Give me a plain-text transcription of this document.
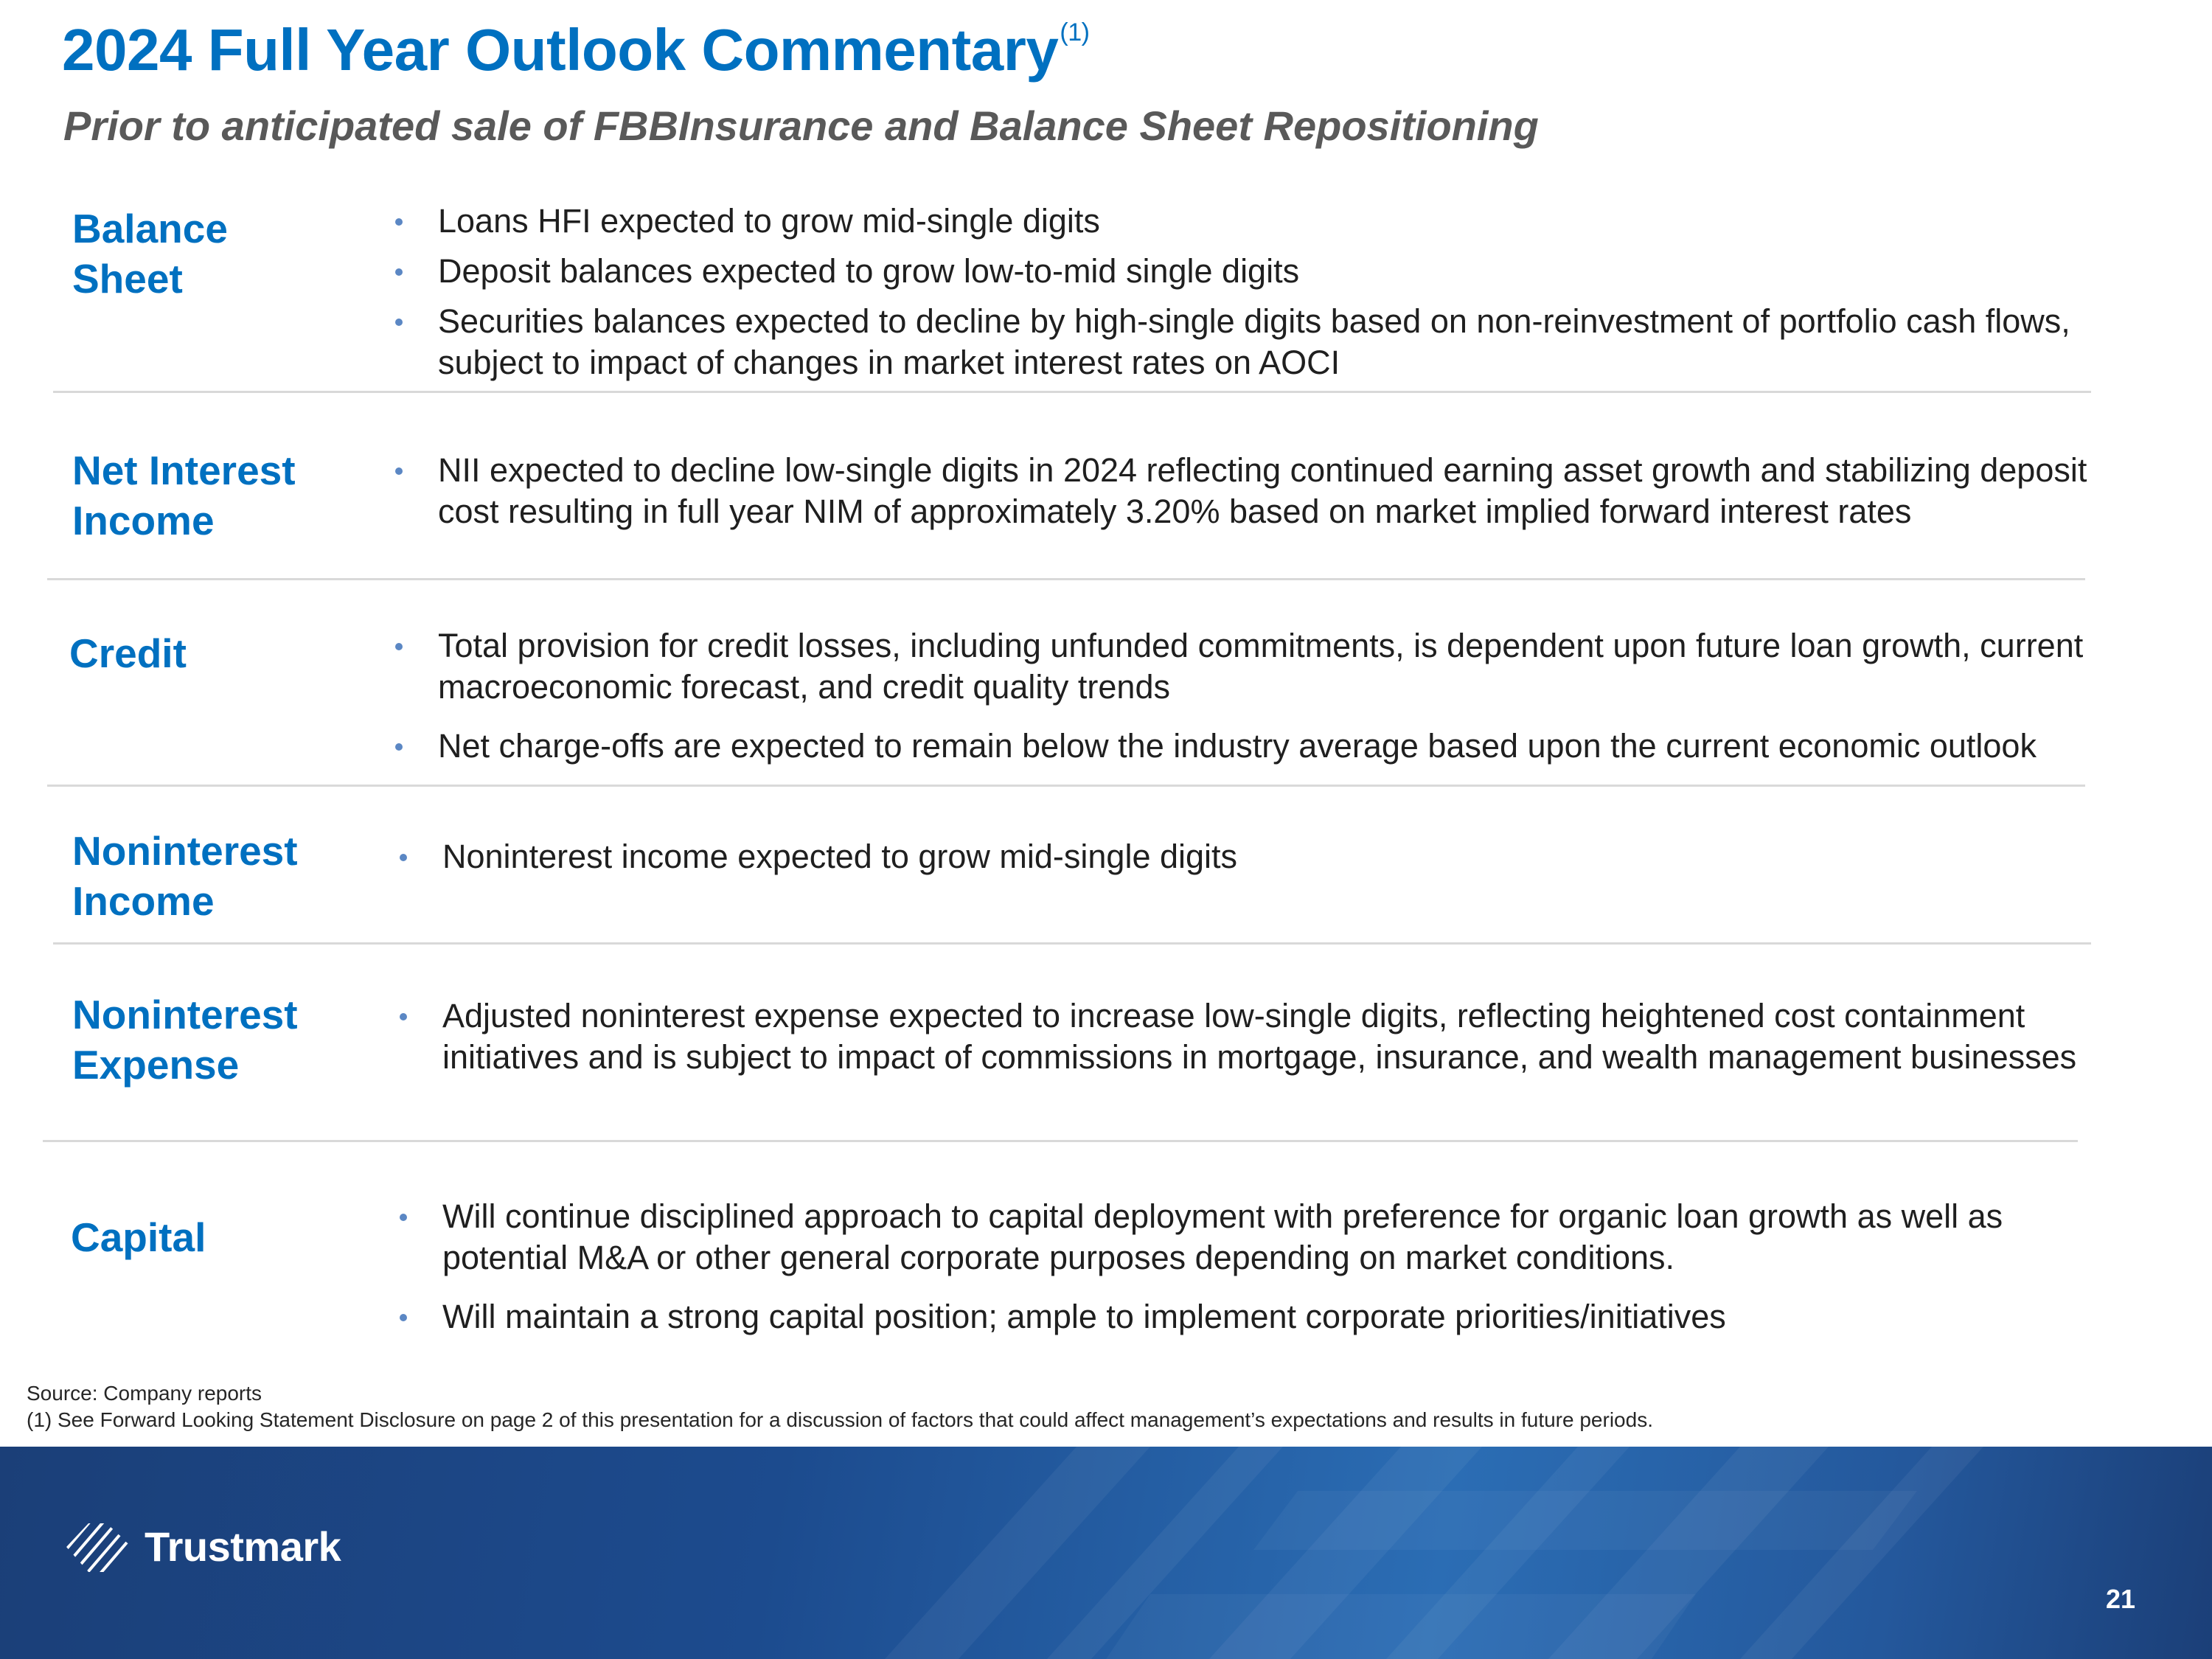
2024 Full Year Outlook Commentary$^{(1)}$
Prior to anticipated sale of FBBInsurance and Balance Sheet Repositioning
Balance
Sheet
Loans HFI expected to grow mid-single digits
Deposit balances expected to grow low-to-mid single digits
Securities balances expected to decline by high-single digits based on non-reinvestment of portfolio cash flows, subject to impact of changes in market interest rates on AOCI
Net Interest
Income
NII expected to decline low-single digits in 2024 reflecting continued earning asset growth and stabilizing deposit cost resulting in full year NIM of approximately 3.20% based on market implied forward interest rates
Credit	Total provision for credit losses, including unfunded commitments, is dependent upon future loan growth, current macroeconomic forecast, and credit quality trends
Net charge-offs are expected to remain below the industry average based upon the current economic outlook
Noninterest
Income
Noninterest income expected to grow mid-single digits
Noninterest
Expense
Adjusted noninterest expense expected to increase low-single digits, reflecting heightened cost containment initiatives and is subject to impact of commissions in mortgage, insurance, and wealth management businesses
Capital	Will continue disciplined approach to capital deployment with preference for organic loan growth as well as potential M&A or other general corporate purposes depending on market conditions.
Will maintain a strong capital position; ample to implement corporate priorities/initiatives
Source: Company reports
(1) See Forward Looking Statement Disclosure on page 2 of this presentation for a discussion of factors that could affect management’s expectations and results in future periods.
Trustmark
21
